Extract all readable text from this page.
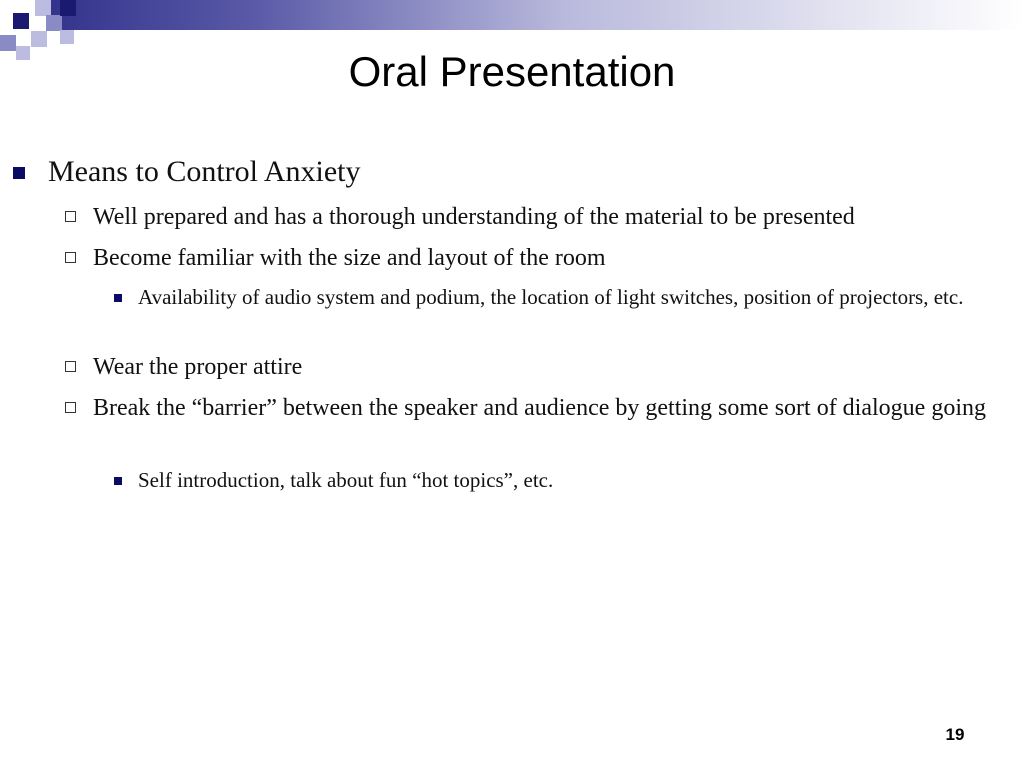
Oral Presentation
Means to Control Anxiety
Well prepared and has a thorough understanding of the material to be presented
Become familiar with the size and layout of the room
Availability of audio system and podium, the location of light switches, position of projectors, etc.
Wear the proper attire
Break the “barrier” between the speaker and audience by getting some sort of dialogue going
Self introduction, talk about fun “hot topics”, etc.
19
